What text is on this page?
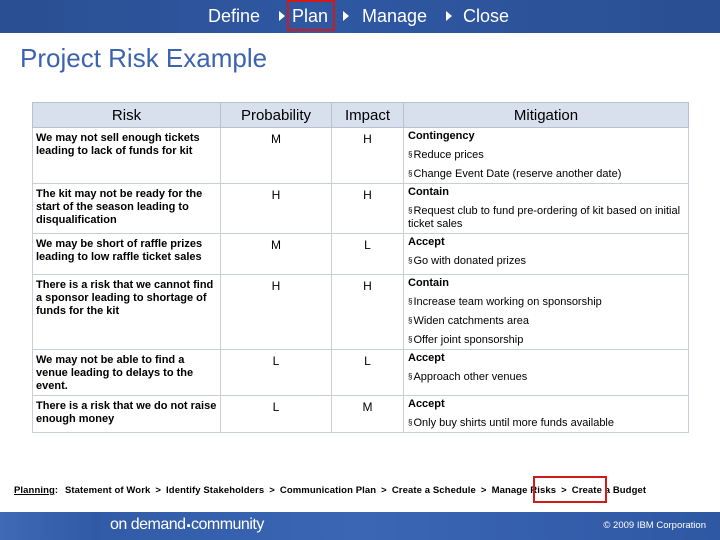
Define Plan Manage Close
Project Risk Example
Risk	Probability	Impact	Mitigation
We may not sell enough tickets leading to lack of funds for kit	M	H	Contingency
§Reduce prices
§Change Event Date (reserve another date)

The kit may not be ready for the start of the season leading to disqualification	H	H	Contain
§Request club to fund pre-ordering of kit based on initial ticket sales

We may be short of raffle prizes leading to low raffle ticket sales	M	L	Accept
§Go with donated prizes

There is a risk that we cannot find a sponsor leading to shortage of funds for the kit	H	H	Contain
§Increase team working on sponsorship
§Widen catchments area
§Offer joint sponsorship

We may not be able to find a venue leading to delays to the event.	L	L	Accept
§Approach other venues

There is a risk that we do not raise enough money	L	M	Accept
§Only buy shirts until more funds available
Planning: Statement of Work > Identify Stakeholders > Communication Plan > Create a Schedule > Manage Risks > Create a Budget
on demand▪community	© 2009 IBM Corporation
